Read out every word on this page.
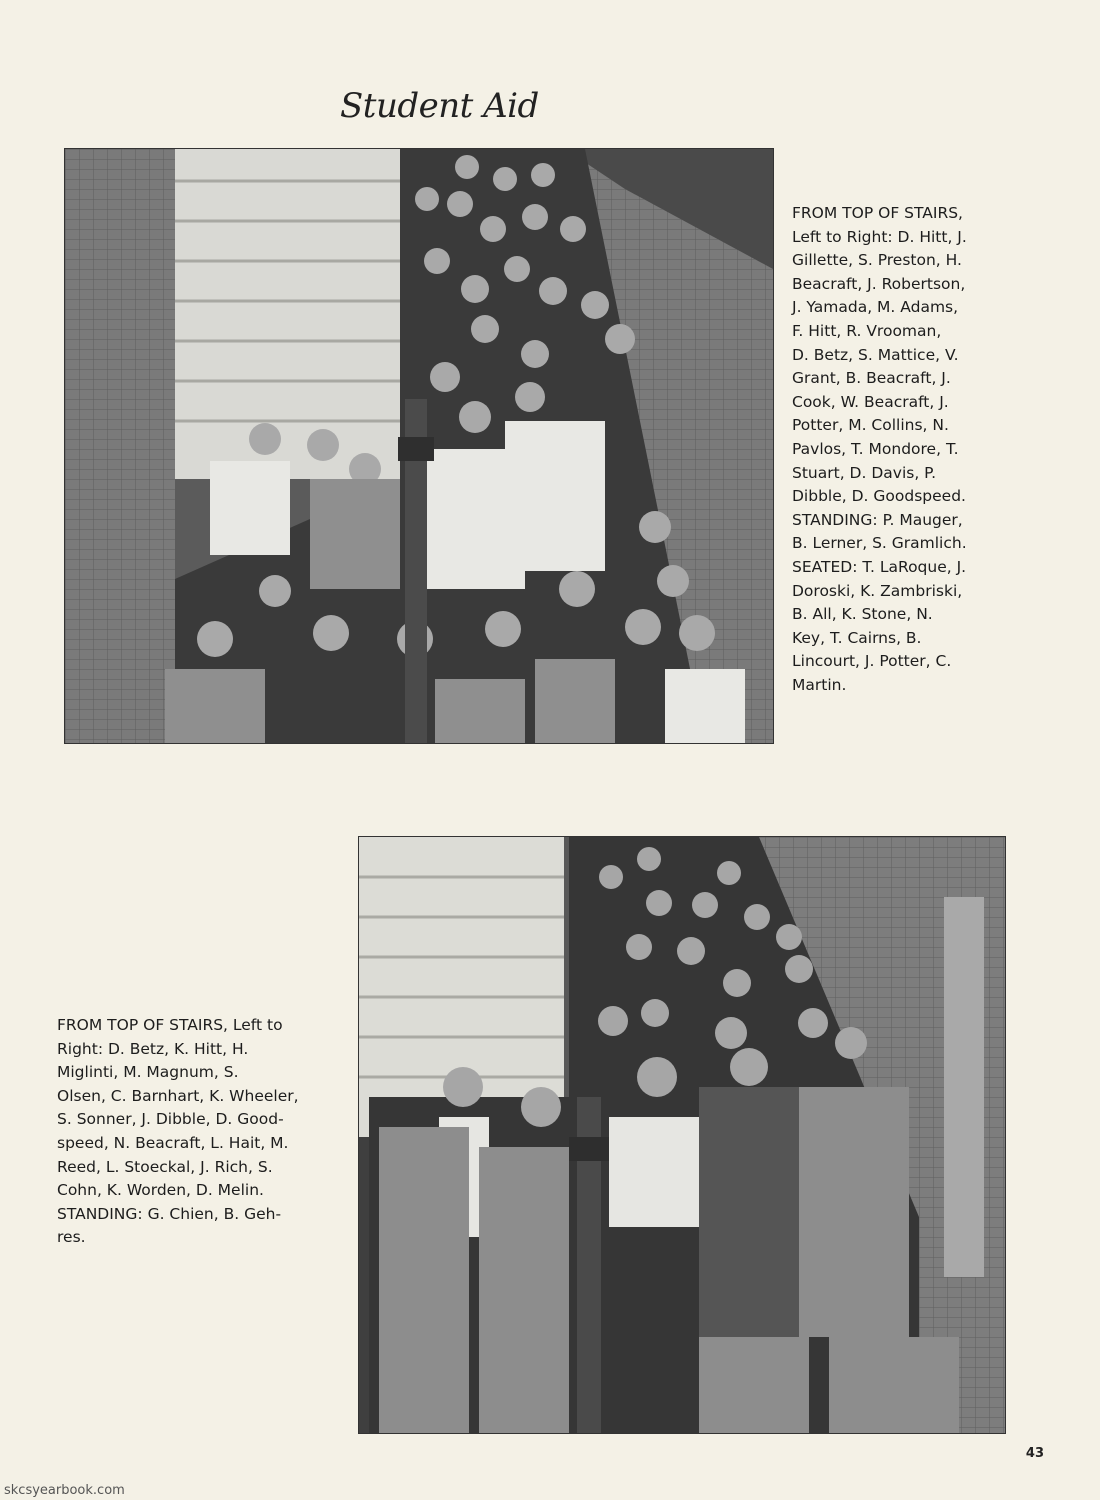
Student Aid
FROM TOP OF STAIRS,
Left to Right: D. Hitt, J.
Gillette, S. Preston, H.
Beacraft, J. Robertson,
J. Yamada, M. Adams,
F. Hitt, R. Vrooman,
D. Betz, S. Mattice, V.
Grant, B. Beacraft, J.
Cook, W. Beacraft, J.
Potter, M. Collins, N.
Pavlos, T. Mondore, T.
Stuart, D. Davis, P.
Dibble, D. Goodspeed.
STANDING: P. Mauger,
B. Lerner, S. Gramlich.
SEATED: T. LaRoque, J.
Doroski, K. Zambriski,
B. All, K. Stone, N.
Key, T. Cairns, B.
Lincourt, J. Potter, C.
Martin.
FROM TOP OF STAIRS, Left to
Right: D. Betz, K. Hitt, H.
Miglinti, M. Magnum, S.
Olsen, C. Barnhart, K. Wheeler,
S. Sonner, J. Dibble, D. Good-
speed, N. Beacraft, L. Hait, M.
Reed, L. Stoeckal, J. Rich, S.
Cohn, K. Worden, D. Melin.
STANDING: G. Chien, B. Geh-
res.
43
skcsyearbook.com
